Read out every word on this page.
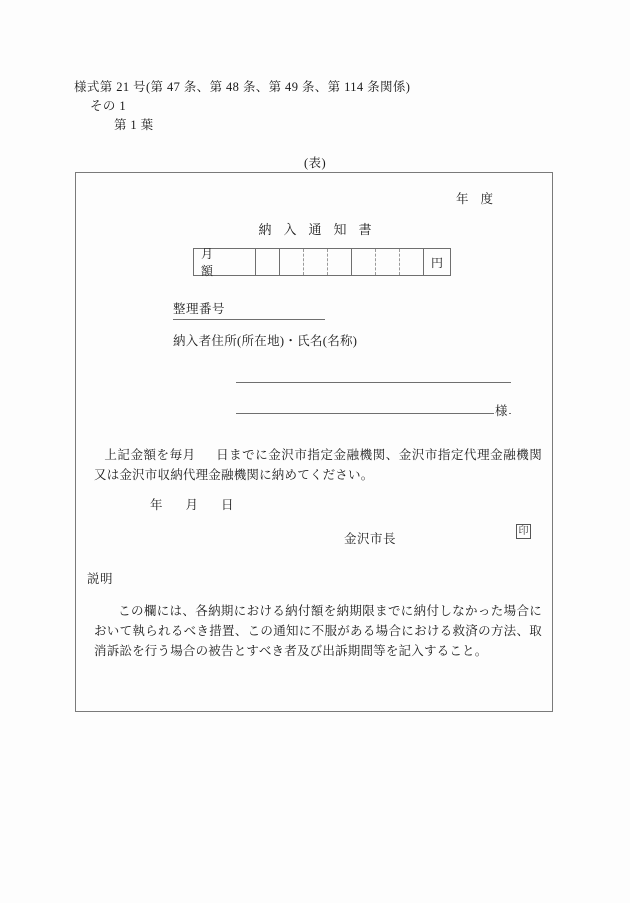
様式第 21 号(第 47 条、第 48 条、第 49 条、第 114 条関係)
その 1
第 1 葉
(表)
年 度
納入通知書
月　額
円
整理番号
納入者住所(所在地)・氏名(名称)
様
上記金額を毎月 日までに金沢市指定金融機関、金沢市指定代理金融機関又は金沢市収納代理金融機関に納めてください。
年 月 日
金沢市長
印
説明
この欄には、各納期における納付額を納期限までに納付しなかった場合において執られるべき措置、この通知に不服がある場合における救済の方法、取消訴訟を行う場合の被告とすべき者及び出訴期間等を記入すること。
